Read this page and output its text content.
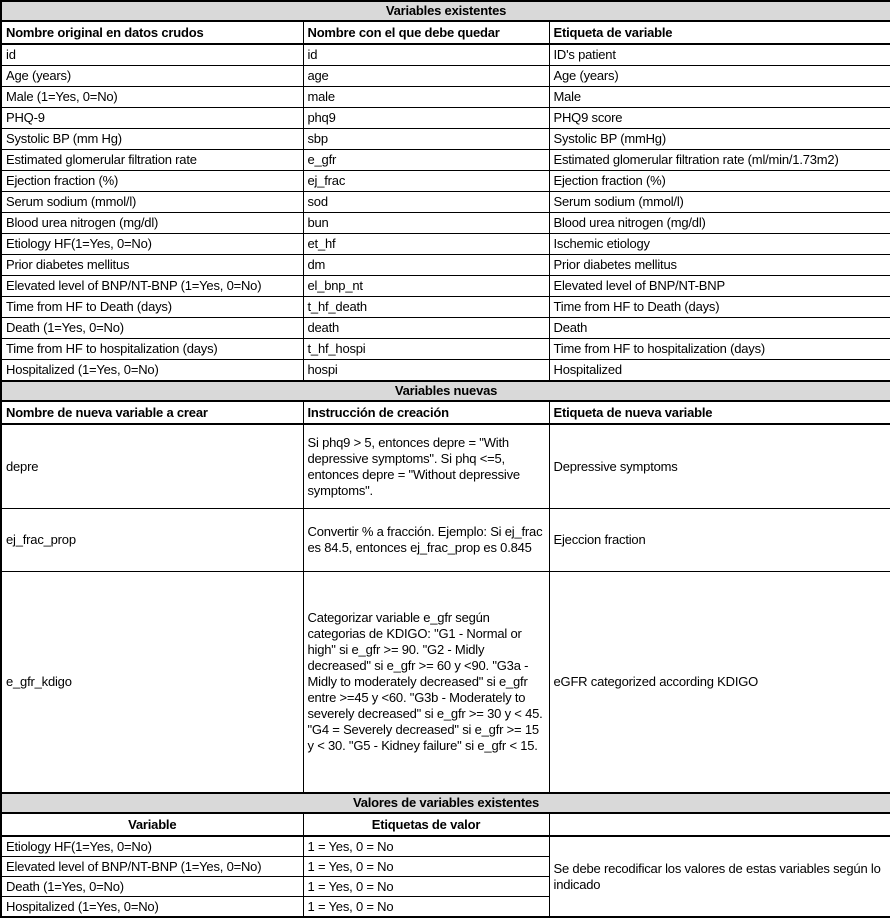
Variables existentes		
Nombre original en datos crudos	Nombre con el que debe quedar	Etiqueta de variable
id	id	ID's patient
Age (years)	age	Age (years)
Male (1=Yes, 0=No)	male	Male
PHQ-9	phq9	PHQ9 score
Systolic BP (mm Hg)	sbp	Systolic BP (mmHg)
Estimated glomerular filtration rate	e_gfr	Estimated glomerular filtration rate (ml/min/1.73m2)
Ejection fraction (%)	ej_frac	Ejection fraction (%)
Serum sodium (mmol/l)	sod	Serum sodium (mmol/l)
Blood urea nitrogen (mg/dl)	bun	Blood urea nitrogen (mg/dl)
Etiology HF(1=Yes, 0=No)	et_hf	Ischemic etiology
Prior diabetes mellitus	dm	Prior diabetes mellitus
Elevated level of BNP/NT-BNP (1=Yes, 0=No)	el_bnp_nt	Elevated level of BNP/NT-BNP
Time from HF to Death (days)	t_hf_death	Time from HF to Death (days)
Death (1=Yes, 0=No)	death	Death
Time from HF to hospitalization (days)	t_hf_hospi	Time from HF to hospitalization (days)
Hospitalized (1=Yes, 0=No)	hospi	Hospitalized
Variables nuevas		
Nombre de nueva variable a crear	Instrucción de creación	Etiqueta de nueva variable
depre	Si phq9 > 5, entonces depre = "With depressive symptoms". Si phq <=5, entonces depre = "Without depressive symptoms".	Depressive symptoms
ej_frac_prop	Convertir % a fracción. Ejemplo: Si ej_frac es 84.5, entonces ej_frac_prop es 0.845	Ejeccion fraction
e_gfr_kdigo	Categorizar variable e_gfr según categorias de KDIGO: "G1 - Normal or high" si e_gfr >= 90. "G2 - Midly decreased" si e_gfr >= 60 y <90. "G3a - Midly to moderately decreased" si e_gfr entre >=45 y <60. "G3b - Moderately to severely decreased" si e_gfr >= 30 y < 45. "G4 = Severely decreased" si e_gfr >= 15 y < 30. "G5 - Kidney failure" si e_gfr < 15.	eGFR categorized according KDIGO
Valores de variables existentes		
Variable	Etiquetas de valor	
Etiology HF(1=Yes, 0=No)	1 = Yes, 0 = No	Se debe recodificar los valores de estas variables según lo indicado
Elevated level of BNP/NT-BNP (1=Yes, 0=No)	1 = Yes, 0 = No	
Death (1=Yes, 0=No)	1 = Yes, 0 = No	
Hospitalized (1=Yes, 0=No)	1 = Yes, 0 = No	
